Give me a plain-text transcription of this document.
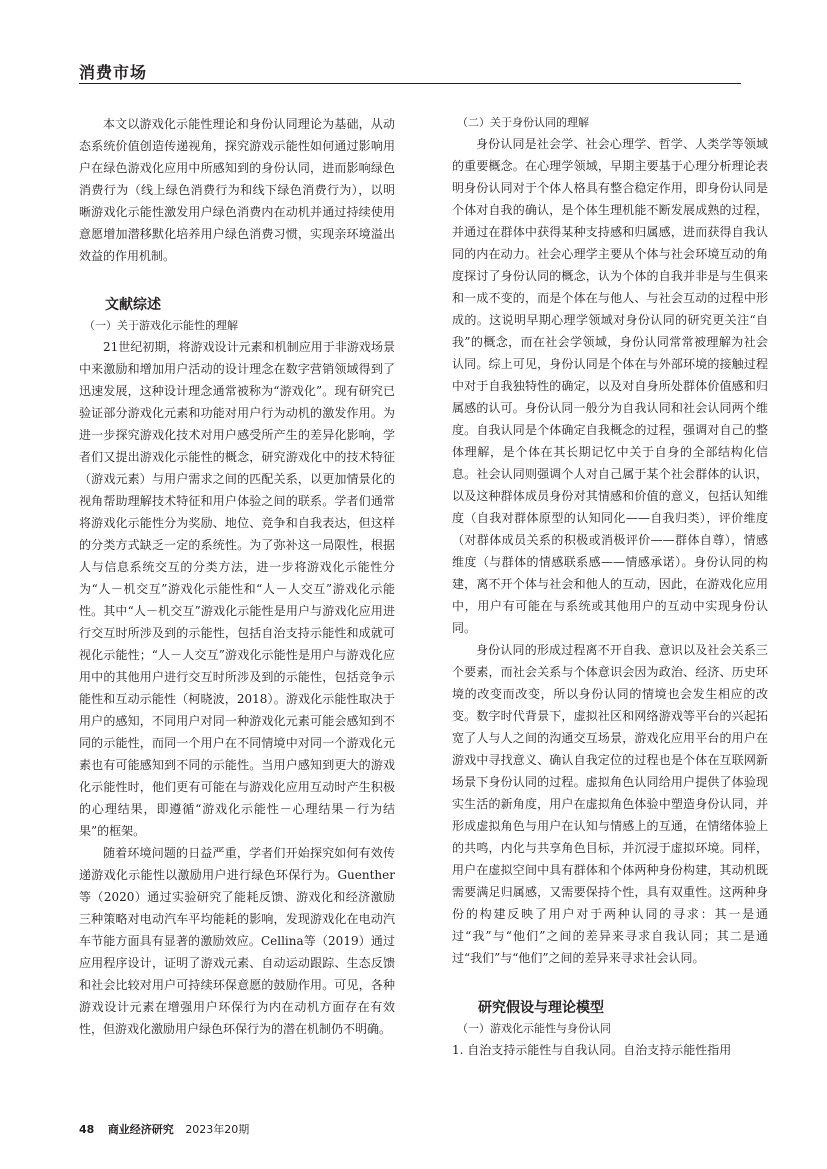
消费市场

本文以游戏化示能性理论和身份认同理论为基础，从动态系统价值创造传递视角，探究游戏示能性如何通过影响用户在绿色游戏化应用中所感知到的身份认同，进而影响绿色消费行为（线上绿色消费行为和线下绿色消费行为），以明晰游戏化示能性激发用户绿色消费内在动机并通过持续使用意愿增加潜移默化培养用户绿色消费习惯，实现亲环境溢出效益的作用机制。

文献综述
（一）关于游戏化示能性的理解

21世纪初期，将游戏设计元素和机制应用于非游戏场景中来激励和增加用户活动的设计理念在数字营销领域得到了迅速发展，这种设计理念通常被称为“游戏化”。现有研究已验证部分游戏化元素和功能对用户行为动机的激发作用。为进一步探究游戏化技术对用户感受所产生的差异化影响，学者们又提出游戏化示能性的概念，研究游戏化中的技术特征（游戏元素）与用户需求之间的匹配关系，以更加情景化的视角帮助理解技术特征和用户体验之间的联系。学者们通常将游戏化示能性分为奖励、地位、竞争和自我表达，但这样的分类方式缺乏一定的系统性。为了弥补这一局限性，根据人与信息系统交互的分类方法，进一步将游戏化示能性分为“人－机交互”游戏化示能性和“人－人交互”游戏化示能性。其中“人－机交互”游戏化示能性是用户与游戏化应用进行交互时所涉及到的示能性，包括自治支持示能性和成就可视化示能性；“人－人交互”游戏化示能性是用户与游戏化应用中的其他用户进行交互时所涉及到的示能性，包括竞争示能性和互动示能性（柯晓波，2018）。游戏化示能性取决于用户的感知，不同用户对同一种游戏化元素可能会感知到不同的示能性，而同一个用户在不同情境中对同一个游戏化元素也有可能感知到不同的示能性。当用户感知到更大的游戏化示能性时，他们更有可能在与游戏化应用互动时产生积极的心理结果，即遵循“游戏化示能性－心理结果－行为结果”的框架。

随着环境问题的日益严重，学者们开始探究如何有效传递游戏化示能性以激励用户进行绿色环保行为。Guenther等（2020）通过实验研究了能耗反馈、游戏化和经济激励三种策略对电动汽车平均能耗的影响，发现游戏化在电动汽车节能方面具有显著的激励效应。Cellina等（2019）通过应用程序设计，证明了游戏元素、自动运动跟踪、生态反馈和社会比较对用户可持续环保意愿的鼓励作用。可见，各种游戏设计元素在增强用户环保行为内在动机方面存在有效性，但游戏化激励用户绿色环保行为的潜在机制仍不明确。

（二）关于身份认同的理解

身份认同是社会学、社会心理学、哲学、人类学等领域的重要概念。在心理学领域，早期主要基于心理分析理论表明身份认同对于个体人格具有整合稳定作用，即身份认同是个体对自我的确认，是个体生理机能不断发展成熟的过程，并通过在群体中获得某种支持感和归属感，进而获得自我认同的内在动力。社会心理学主要从个体与社会环境互动的角度探讨了身份认同的概念，认为个体的自我并非是与生俱来和一成不变的，而是个体在与他人、与社会互动的过程中形成的。这说明早期心理学领域对身份认同的研究更关注“自我”的概念，而在社会学领域，身份认同常常被理解为社会认同。综上可见，身份认同是个体在与外部环境的接触过程中对于自我独特性的确定，以及对自身所处群体价值感和归属感的认可。身份认同一般分为自我认同和社会认同两个维度。自我认同是个体确定自我概念的过程，强调对自己的整体理解，是个体在其长期记忆中关于自身的全部结构化信息。社会认同则强调个人对自己属于某个社会群体的认识，以及这种群体成员身份对其情感和价值的意义，包括认知维度（自我对群体原型的认知同化——自我归类），评价维度（对群体成员关系的积极或消极评价——群体自尊），情感维度（与群体的情感联系感——情感承诺）。身份认同的构建，离不开个体与社会和他人的互动，因此，在游戏化应用中，用户有可能在与系统或其他用户的互动中实现身份认同。

身份认同的形成过程离不开自我、意识以及社会关系三个要素，而社会关系与个体意识会因为政治、经济、历史环境的改变而改变，所以身份认同的情境也会发生相应的改变。数字时代背景下，虚拟社区和网络游戏等平台的兴起拓宽了人与人之间的沟通交互场景，游戏化应用平台的用户在游戏中寻找意义、确认自我定位的过程也是个体在互联网新场景下身份认同的过程。虚拟角色认同给用户提供了体验现实生活的新角度，用户在虚拟角色体验中塑造身份认同，并形成虚拟角色与用户在认知与情感上的互通，在情绪体验上的共鸣，内化与共享角色目标，并沉浸于虚拟环境。同样，用户在虚拟空间中具有群体和个体两种身份构建，其动机既需要满足归属感，又需要保持个性，具有双重性。这两种身份的构建反映了用户对于两种认同的寻求：其一是通过“我”与“他们”之间的差异来寻求自我认同；其二是通过“我们”与“他们”之间的差异来寻求社会认同。

研究假设与理论模型
（一）游戏化示能性与身份认同

1. 自治支持示能性与自我认同。自治支持示能性指用

48 商业经济研究 2023年20期
